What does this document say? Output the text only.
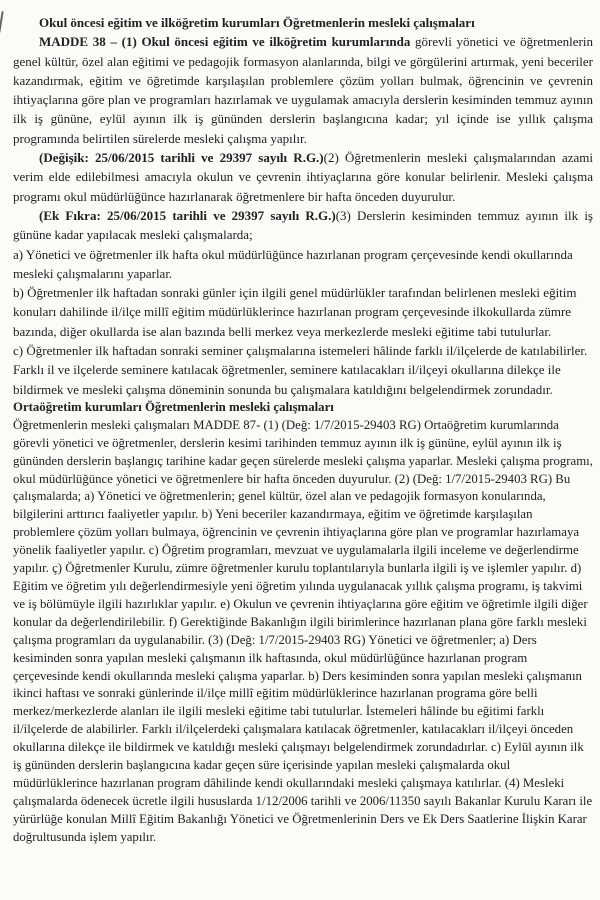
Okul öncesi eğitim ve ilköğretim kurumları Öğretmenlerin mesleki çalışmaları

MADDE 38 – (1) Okul öncesi eğitim ve ilköğretim kurumlarında görevli yönetici ve öğretmenlerin genel kültür, özel alan eğitimi ve pedagojik formasyon alanlarında, bilgi ve görgülerini artırmak, yeni beceriler kazandırmak, eğitim ve öğretimde karşılaşılan problemlere çözüm yolları bulmak, öğrencinin ve çevrenin ihtiyaçlarına göre plan ve programları hazırlamak ve uygulamak amacıyla derslerin kesiminden temmuz ayının ilk iş gününe, eylül ayının ilk iş gününden derslerin başlangıcına kadar; yıl içinde ise yıllık çalışma programında belirtilen sürelerde mesleki çalışma yapılır.

(Değişik: 25/06/2015 tarihli ve 29397 sayılı R.G.)(2) Öğretmenlerin mesleki çalışmalarından azami verim elde edilebilmesi amacıyla okulun ve çevrenin ihtiyaçlarına göre konular belirlenir. Mesleki çalışma programı okul müdürlüğünce hazırlanarak öğretmenlere bir hafta önceden duyurulur.

(Ek Fıkra: 25/06/2015 tarihli ve 29397 sayılı R.G.)(3) Derslerin kesiminden temmuz ayının ilk iş gününe kadar yapılacak mesleki çalışmalarda;

a) Yönetici ve öğretmenler ilk hafta okul müdürlüğünce hazırlanan program çerçevesinde kendi okullarında mesleki çalışmalarını yaparlar.

b) Öğretmenler ilk haftadan sonraki günler için ilgili genel müdürlükler tarafından belirlenen mesleki eğitim konuları dahilinde il/ilçe millî eğitim müdürlüklerince hazırlanan program çerçevesinde ilkokullarda zümre bazında, diğer okullarda ise alan bazında belli merkez veya merkezlerde mesleki eğitime tabi tutulurlar.

c) Öğretmenler ilk haftadan sonraki seminer çalışmalarına istemeleri hâlinde farklı il/ilçelerde de katılabilirler. Farklı il ve ilçelerde seminere katılacak öğretmenler, seminere katılacakları il/ilçeyi okullarına dilekçe ile bildirmek ve mesleki çalışma döneminin sonunda bu çalışmalara katıldığını belgelendirmek zorundadır.

Ortaöğretim kurumları Öğretmenlerin mesleki çalışmaları

Öğretmenlerin mesleki çalışmaları MADDE 87- (1) (Değ: 1/7/2015-29403 RG) Ortaöğretim kurumlarında görevli yönetici ve öğretmenler, derslerin kesimi tarihinden temmuz ayının ilk iş gününe, eylül ayının ilk iş gününden derslerin başlangıç tarihine kadar geçen sürelerde mesleki çalışma yaparlar. Mesleki çalışma programı, okul müdürlüğünce yönetici ve öğretmenlere bir hafta önceden duyurulur. (2) (Değ: 1/7/2015-29403 RG) Bu çalışmalarda; a) Yönetici ve öğretmenlerin; genel kültür, özel alan ve pedagojik formasyon konularında, bilgilerini arttırıcı faaliyetler yapılır. b) Yeni beceriler kazandırmaya, eğitim ve öğretimde karşılaşılan problemlere çözüm yolları bulmaya, öğrencinin ve çevrenin ihtiyaçlarına göre plan ve programlar hazırlamaya yönelik faaliyetler yapılır. c) Öğretim programları, mevzuat ve uygulamalarla ilgili inceleme ve değerlendirme yapılır. ç) Öğretmenler Kurulu, zümre öğretmenler kurulu toplantılarıyla bunlarla ilgili iş ve işlemler yapılır. d) Eğitim ve öğretim yılı değerlendirmesiyle yeni öğretim yılında uygulanacak yıllık çalışma programı, iş takvimi ve iş bölümüyle ilgili hazırlıklar yapılır. e) Okulun ve çevrenin ihtiyaçlarına göre eğitim ve öğretimle ilgili diğer konular da değerlendirilebilir. f) Gerektiğinde Bakanlığın ilgili birimlerince hazırlanan plana göre farklı mesleki çalışma programları da uygulanabilir. (3) (Değ: 1/7/2015-29403 RG) Yönetici ve öğretmenler; a) Ders kesiminden sonra yapılan mesleki çalışmanın ilk haftasında, okul müdürlüğünce hazırlanan program çerçevesinde kendi okullarında mesleki çalışma yaparlar. b) Ders kesiminden sonra yapılan mesleki çalışmanın ikinci haftası ve sonraki günlerinde il/ilçe millî eğitim müdürlüklerince hazırlanan programa göre belli merkez/merkezlerde alanları ile ilgili mesleki eğitime tabi tutulurlar. İstemeleri hâlinde bu eğitimi farklı il/ilçelerde de alabilirler. Farklı il/ilçelerdeki çalışmalara katılacak öğretmenler, katılacakları il/ilçeyi önceden okullarına dilekçe ile bildirmek ve katıldığı mesleki çalışmayı belgelendirmek zorundadırlar. c) Eylül ayının ilk iş gününden derslerin başlangıcına kadar geçen süre içerisinde yapılan mesleki çalışmalarda okul müdürlüklerince hazırlanan program dâhilinde kendi okullarındaki mesleki çalışmaya katılırlar. (4) Mesleki çalışmalarda ödenecek ücretle ilgili hususlarda 1/12/2006 tarihli ve 2006/11350 sayılı Bakanlar Kurulu Kararı ile yürürlüğe konulan Millî Eğitim Bakanlığı Yönetici ve Öğretmenlerinin Ders ve Ek Ders Saatlerine İlişkin Karar doğrultusunda işlem yapılır.
